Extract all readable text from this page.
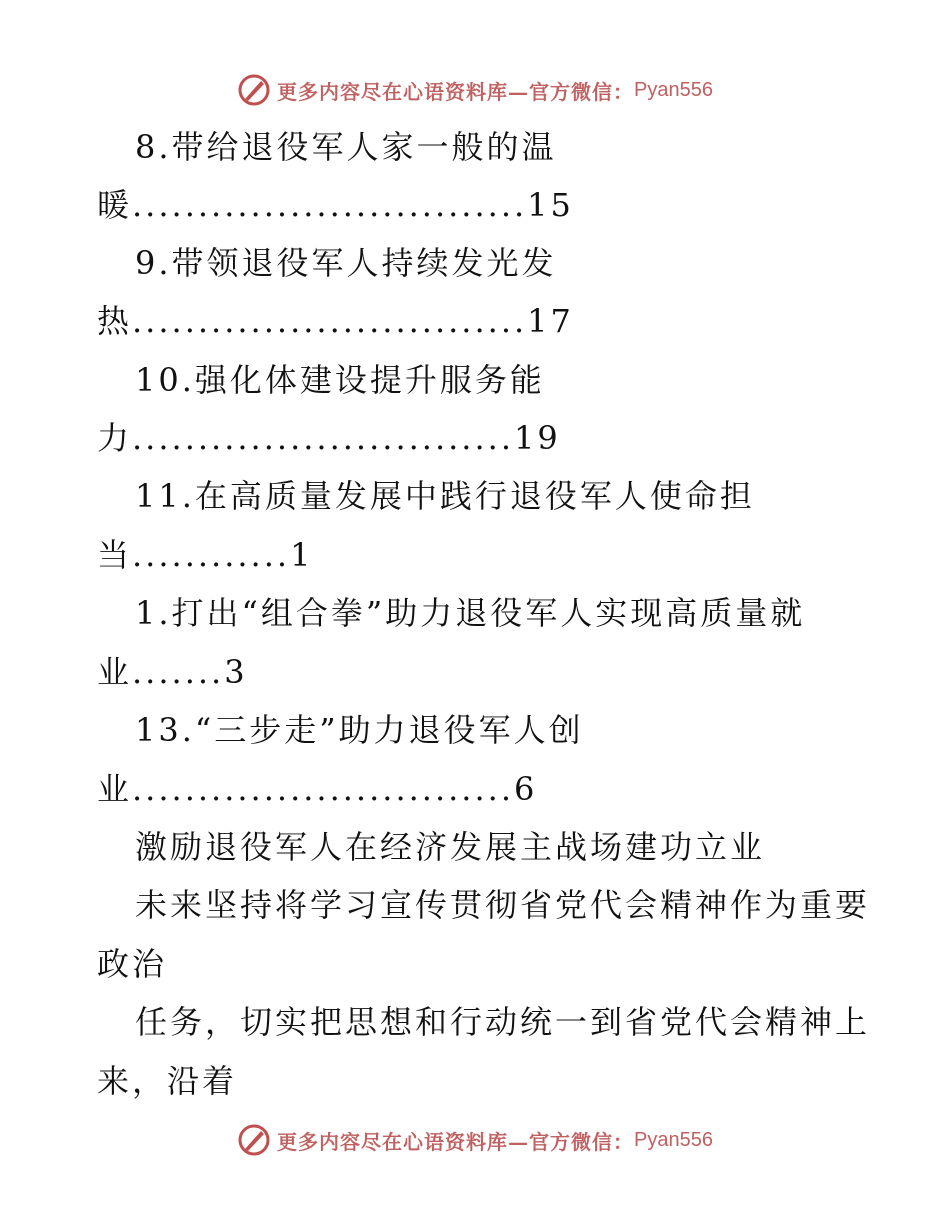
更多内容尽在心语资料库—官方微信： Pyan556
8.带给退役军人家一般的温
暖..............................15
9.带领退役军人持续发光发
热..............................17
10.强化体建设提升服务能
力.............................19
11.在高质量发展中践行退役军人使命担
当............1
1.打出“组合拳”助力退役军人实现高质量就
业.......3
13.“三步走”助力退役军人创
业.............................6
激励退役军人在经济发展主战场建功立业
未来坚持将学习宣传贯彻省党代会精神作为重要
政治
任务，切实把思想和行动统一到省党代会精神上
来，沿着
更多内容尽在心语资料库—官方微信： Pyan556
